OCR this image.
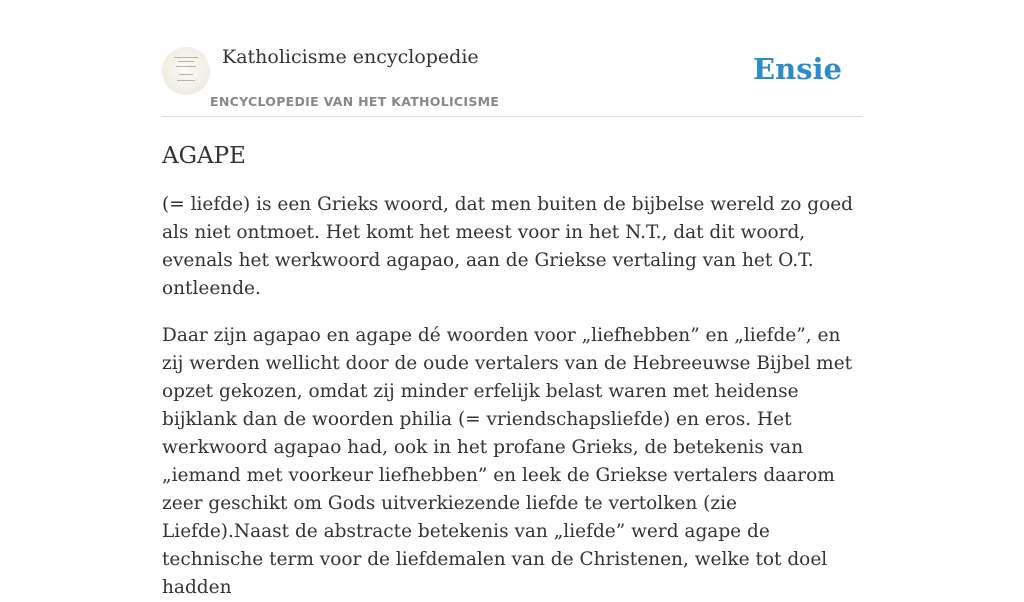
Katholicisme encyclopedie
ENCYCLOPEDIE VAN HET KATHOLICISME
Ensie
AGAPE

(= liefde) is een Grieks woord, dat men buiten de bijbelse wereld zo goed als niet ontmoet. Het komt het meest voor in het N.T., dat dit woord, evenals het werkwoord agapao, aan de Griekse vertaling van het O.T. ontleende.

Daar zijn agapao en agape dé woorden voor „liefhebben” en „liefde”, en zij werden wellicht door de oude vertalers van de Hebreeuwse Bijbel met opzet gekozen, omdat zij minder erfelijk belast waren met heidense bijklank dan de woorden philia (= vriendschapsliefde) en eros. Het werkwoord agapao had, ook in het profane Grieks, de betekenis van „iemand met voorkeur liefhebben” en leek de Griekse vertalers daarom zeer geschikt om Gods uitverkiezende liefde te vertolken (zie Liefde).Naast de abstracte betekenis van „liefde” werd agape de technische term voor de liefdemalen van de Christenen, welke tot doel hadden
